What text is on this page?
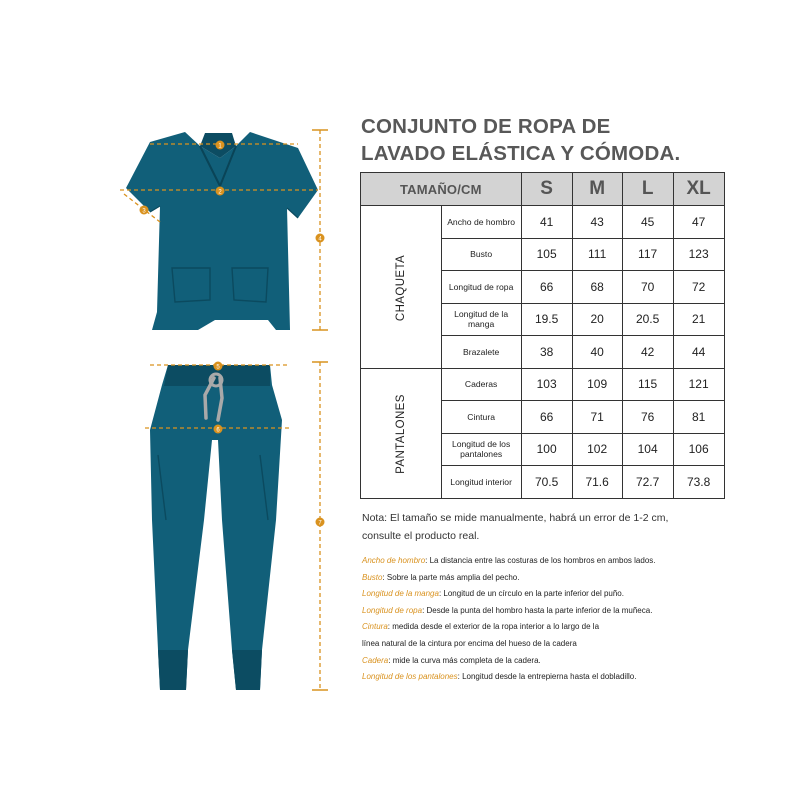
1
2
3
4
5
6
7
CONJUNTO DE ROPA DE
LAVADO ELÁSTICA Y CÓMODA.
TAMAÑO/CM		S	M	L	XL
CHAQUETA	Ancho de hombro	41	43	45	47
	Busto	105	111	117	123
	Longitud de ropa	66	68	70	72
	Longitud de la manga	19.5	20	20.5	21
	Brazalete	38	40	42	44
PANTALONES	Caderas	103	109	115	121
	Cintura	66	71	76	81
	Longitud de los pantalones	100	102	104	106
	Longitud interior	70.5	71.6	72.7	73.8
Nota: El tamaño se mide manualmente, habrá un error de 1-2 cm,
consulte el producto real.
Ancho de hombro: La distancia entre las costuras de los hombros en ambos lados.
Busto: Sobre la parte más amplia del pecho.
Longitud de la manga: Longitud de un círculo en la parte inferior del puño.
Longitud de ropa: Desde la punta del hombro hasta la parte inferior de la muñeca.
Cintura: medida desde el exterior de la ropa interior a lo largo de la
línea natural de la cintura por encima del hueso de la cadera
Cadera: mide la curva más completa de la cadera.
Longitud de los pantalones: Longitud desde la entrepierna hasta el dobladillo.
